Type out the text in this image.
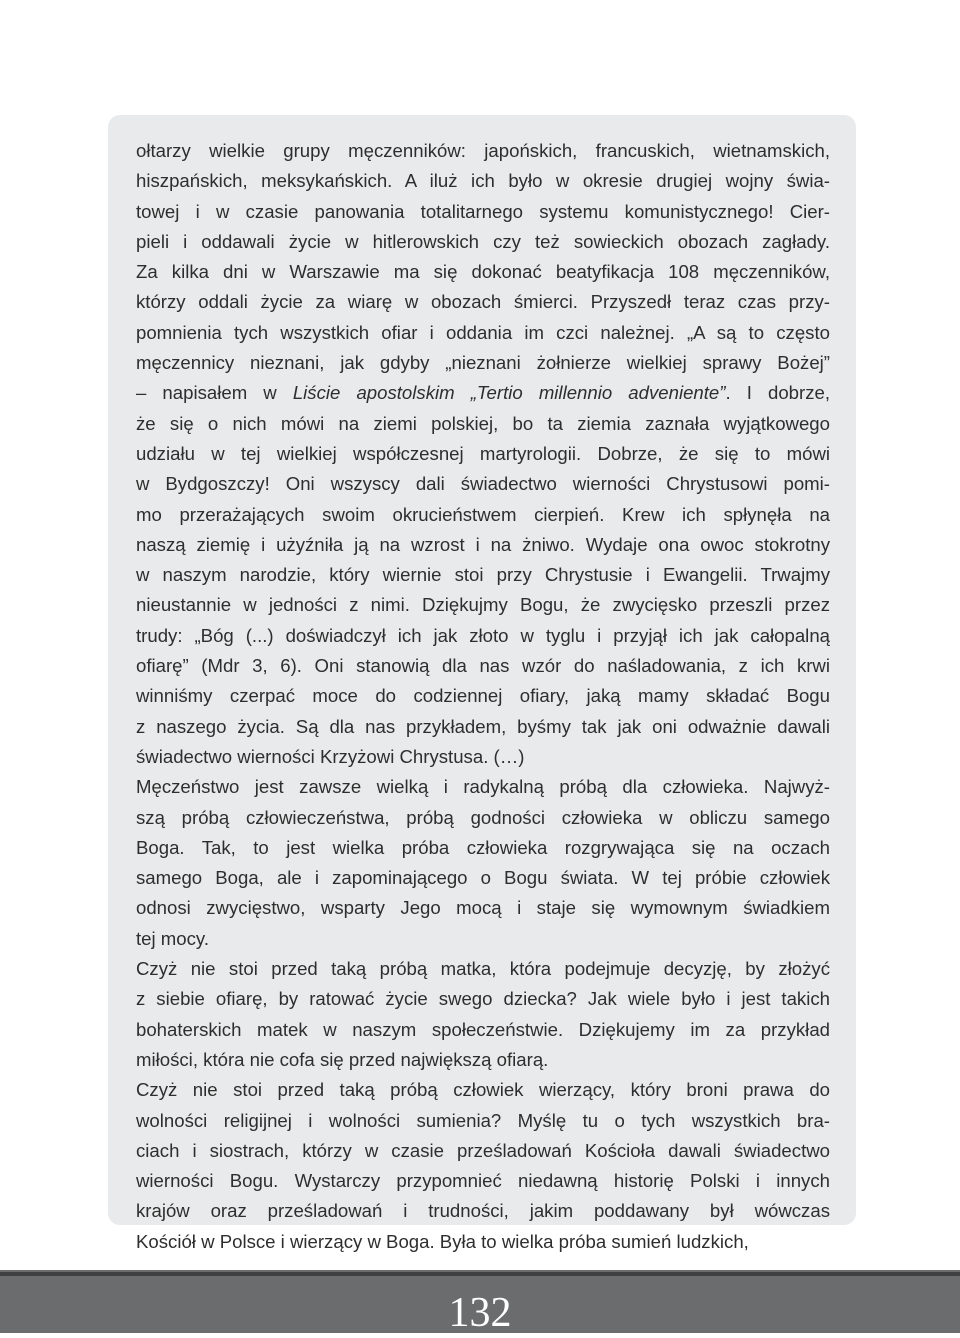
ołtarzy wielkie grupy męczenników: japońskich, francuskich, wietnamskich,
hiszpańskich, meksykańskich. A iluż ich było w okresie drugiej wojny świa-
towej i w czasie panowania totalitarnego systemu komunistycznego! Cier-
pieli i oddawali życie w hitlerowskich czy też sowieckich obozach zagłady.
Za kilka dni w Warszawie ma się dokonać beatyfikacja 108 męczenników,
którzy oddali życie za wiarę w obozach śmierci. Przyszedł teraz czas przy-
pomnienia tych wszystkich ofiar i oddania im czci należnej. „A są to często
męczennicy nieznani, jak gdyby „nieznani żołnierze wielkiej sprawy Bożej”
– napisałem w Liście apostolskim „Tertio millennio adveniente”. I dobrze,
że się o nich mówi na ziemi polskiej, bo ta ziemia zaznała wyjątkowego
udziału w tej wielkiej współczesnej martyrologii. Dobrze, że się to mówi
w Bydgoszczy! Oni wszyscy dali świadectwo wierności Chrystusowi pomi-
mo przerażających swoim okrucieństwem cierpień. Krew ich spłynęła na
naszą ziemię i użyźniła ją na wzrost i na żniwo. Wydaje ona owoc stokrotny
w naszym narodzie, który wiernie stoi przy Chrystusie i Ewangelii. Trwajmy
nieustannie w jedności z nimi. Dziękujmy Bogu, że zwycięsko przeszli przez
trudy: „Bóg (...) doświadczył ich jak złoto w tyglu i przyjął ich jak całopalną
ofiarę” (Mdr 3, 6). Oni stanowią dla nas wzór do naśladowania, z ich krwi
winniśmy czerpać moce do codziennej ofiary, jaką mamy składać Bogu
z naszego życia. Są dla nas przykładem, byśmy tak jak oni odważnie dawali
świadectwo wierności Krzyżowi Chrystusa. (…)
Męczeństwo jest zawsze wielką i radykalną próbą dla człowieka. Najwyż-
szą próbą człowieczeństwa, próbą godności człowieka w obliczu samego
Boga. Tak, to jest wielka próba człowieka rozgrywająca się na oczach
samego Boga, ale i zapominającego o Bogu świata. W tej próbie człowiek
odnosi zwycięstwo, wsparty Jego mocą i staje się wymownym świadkiem
tej mocy.
Czyż nie stoi przed taką próbą matka, która podejmuje decyzję, by złożyć
z siebie ofiarę, by ratować życie swego dziecka? Jak wiele było i jest takich
bohaterskich matek w naszym społeczeństwie. Dziękujemy im za przykład
miłości, która nie cofa się przed największą ofiarą.
Czyż nie stoi przed taką próbą człowiek wierzący, który broni prawa do
wolności religijnej i wolności sumienia? Myślę tu o tych wszystkich bra-
ciach i siostrach, którzy w czasie prześladowań Kościoła dawali świadectwo
wierności Bogu. Wystarczy przypomnieć niedawną historię Polski i innych
krajów oraz prześladowań i trudności, jakim poddawany był wówczas
Kościół w Polsce i wierzący w Boga. Była to wielka próba sumień ludzkich,
132
